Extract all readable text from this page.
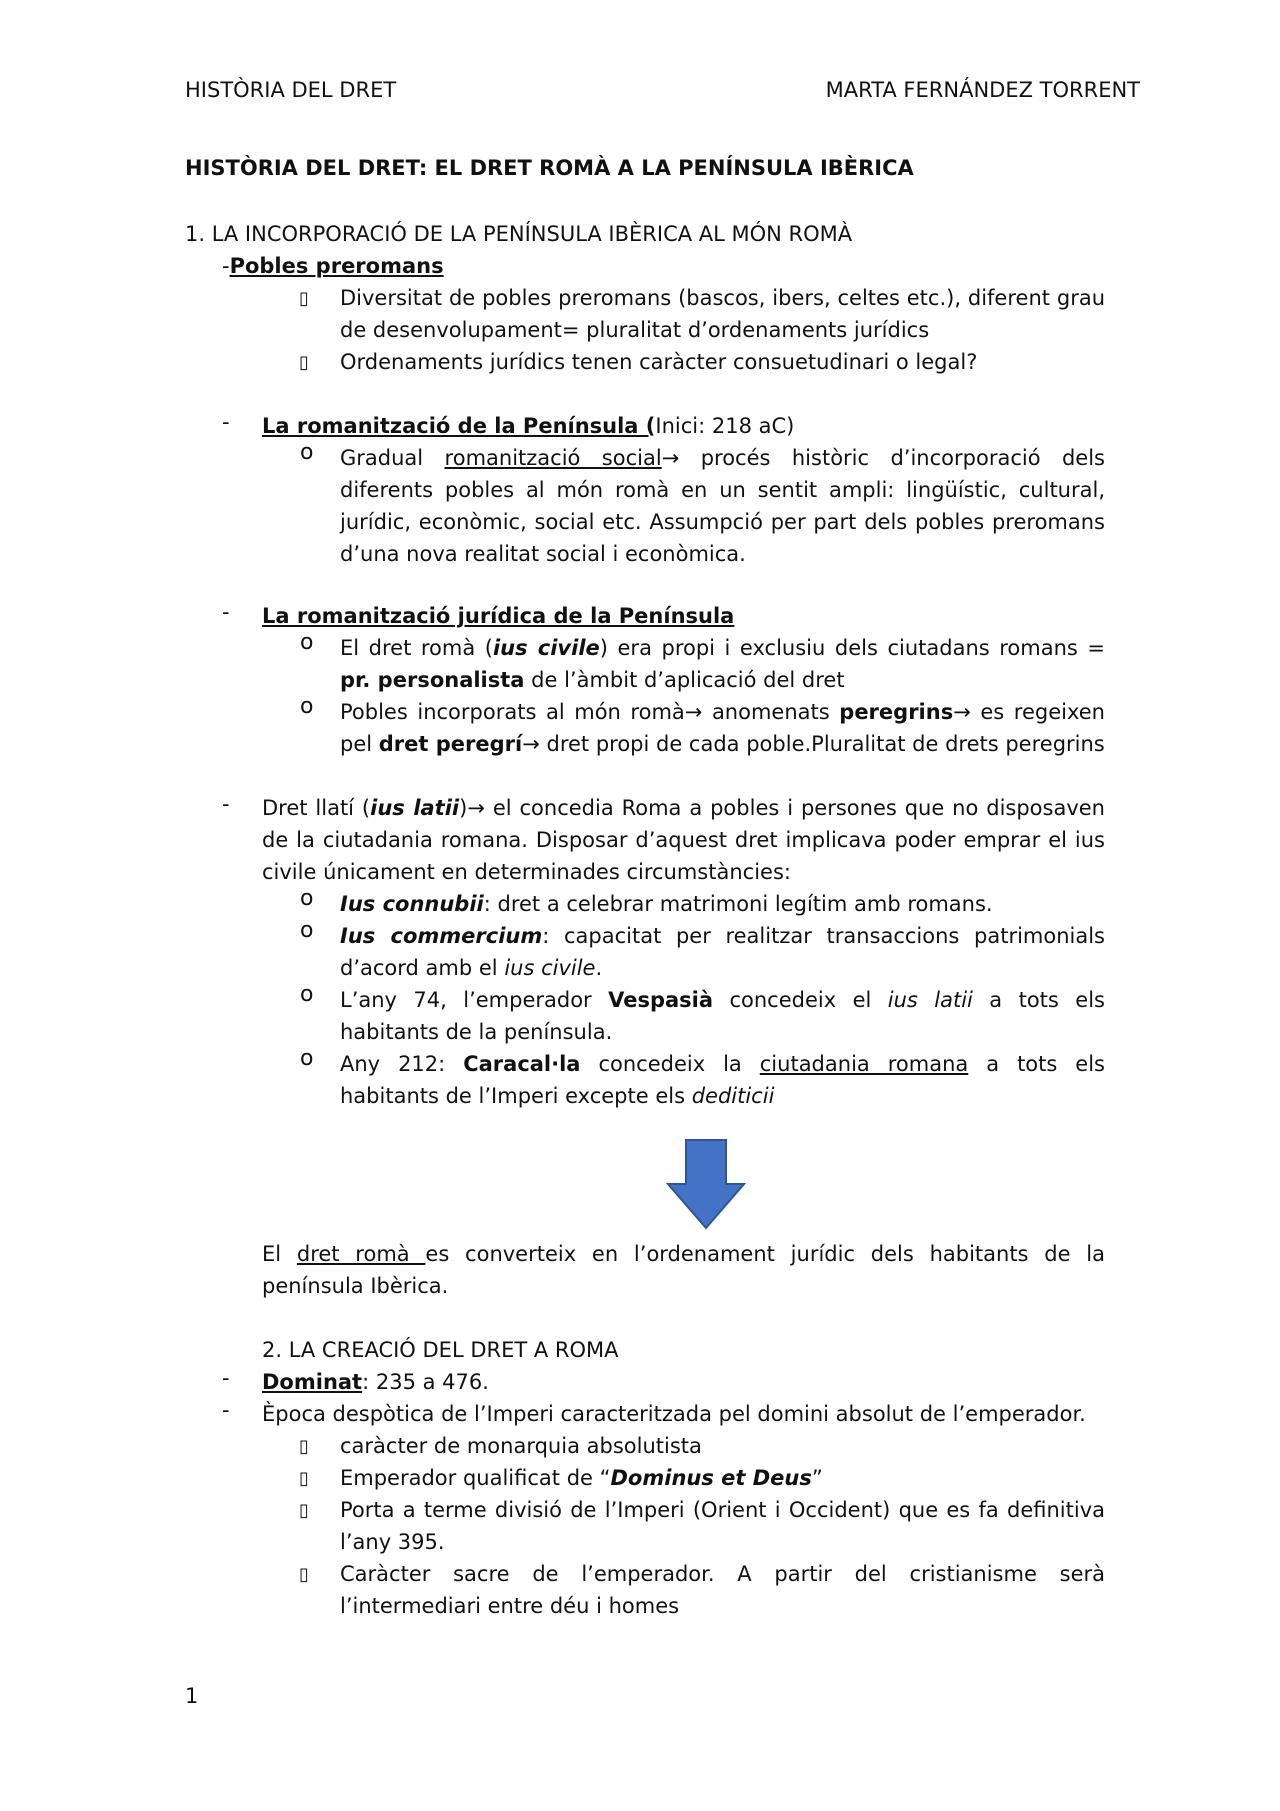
HISTÒRIA DEL DRET	MARTA FERNÁNDEZ TORRENT
HISTÒRIA DEL DRET: EL DRET ROMÀ A LA PENÍNSULA IBÈRICA
1. LA INCORPORACIÓ DE LA PENÍNSULA IBÈRICA AL MÓN ROMÀ
-Pobles preromans
▯ Diversitat de pobles preromans (bascos, ibers, celtes etc.), diferent grau de desenvolupament= pluralitat d’ordenaments jurídics
▯ Ordenaments jurídics tenen caràcter consuetudinari o legal?
- La romanització de la Península (Inici: 218 aC)
o Gradual romanització social→ procés històric d’incorporació dels diferents pobles al món romà en un sentit ampli: lingüístic, cultural, jurídic, econòmic, social etc. Assumpció per part dels pobles preromans d’una nova realitat social i econòmica.
- La romanització jurídica de la Península
o El dret romà (ius civile) era propi i exclusiu dels ciutadans romans = pr. personalista de l’àmbit d’aplicació del dret
o Pobles incorporats al món romà→ anomenats peregrins→ es regeixen pel dret peregrí→ dret propi de cada poble.Pluralitat de drets peregrins
- Dret llatí (ius latii)→ el concedia Roma a pobles i persones que no disposaven de la ciutadania romana. Disposar d’aquest dret implicava poder emprar el ius civile únicament en determinades circumstàncies:
o Ius connubii: dret a celebrar matrimoni legítim amb romans.
o Ius commercium: capacitat per realitzar transaccions patrimonials d’acord amb el ius civile.
o L’any 74, l’emperador Vespasià concedeix el ius latii a tots els habitants de la península.
o Any 212: Caracal·la concedeix la ciutadania romana a tots els habitants de l’Imperi excepte els dediticii
El dret romà es converteix en l’ordenament jurídic dels habitants de la península Ibèrica.
2. LA CREACIÓ DEL DRET A ROMA
- Dominat: 235 a 476.
- Època despòtica de l’Imperi caracteritzada pel domini absolut de l’emperador.
▯ caràcter de monarquia absolutista
▯ Emperador qualificat de “Dominus et Deus”
▯ Porta a terme divisió de l’Imperi (Orient i Occident) que es fa definitiva l’any 395.
▯ Caràcter sacre de l’emperador. A partir del cristianisme serà l’intermediari entre déu i homes
1
